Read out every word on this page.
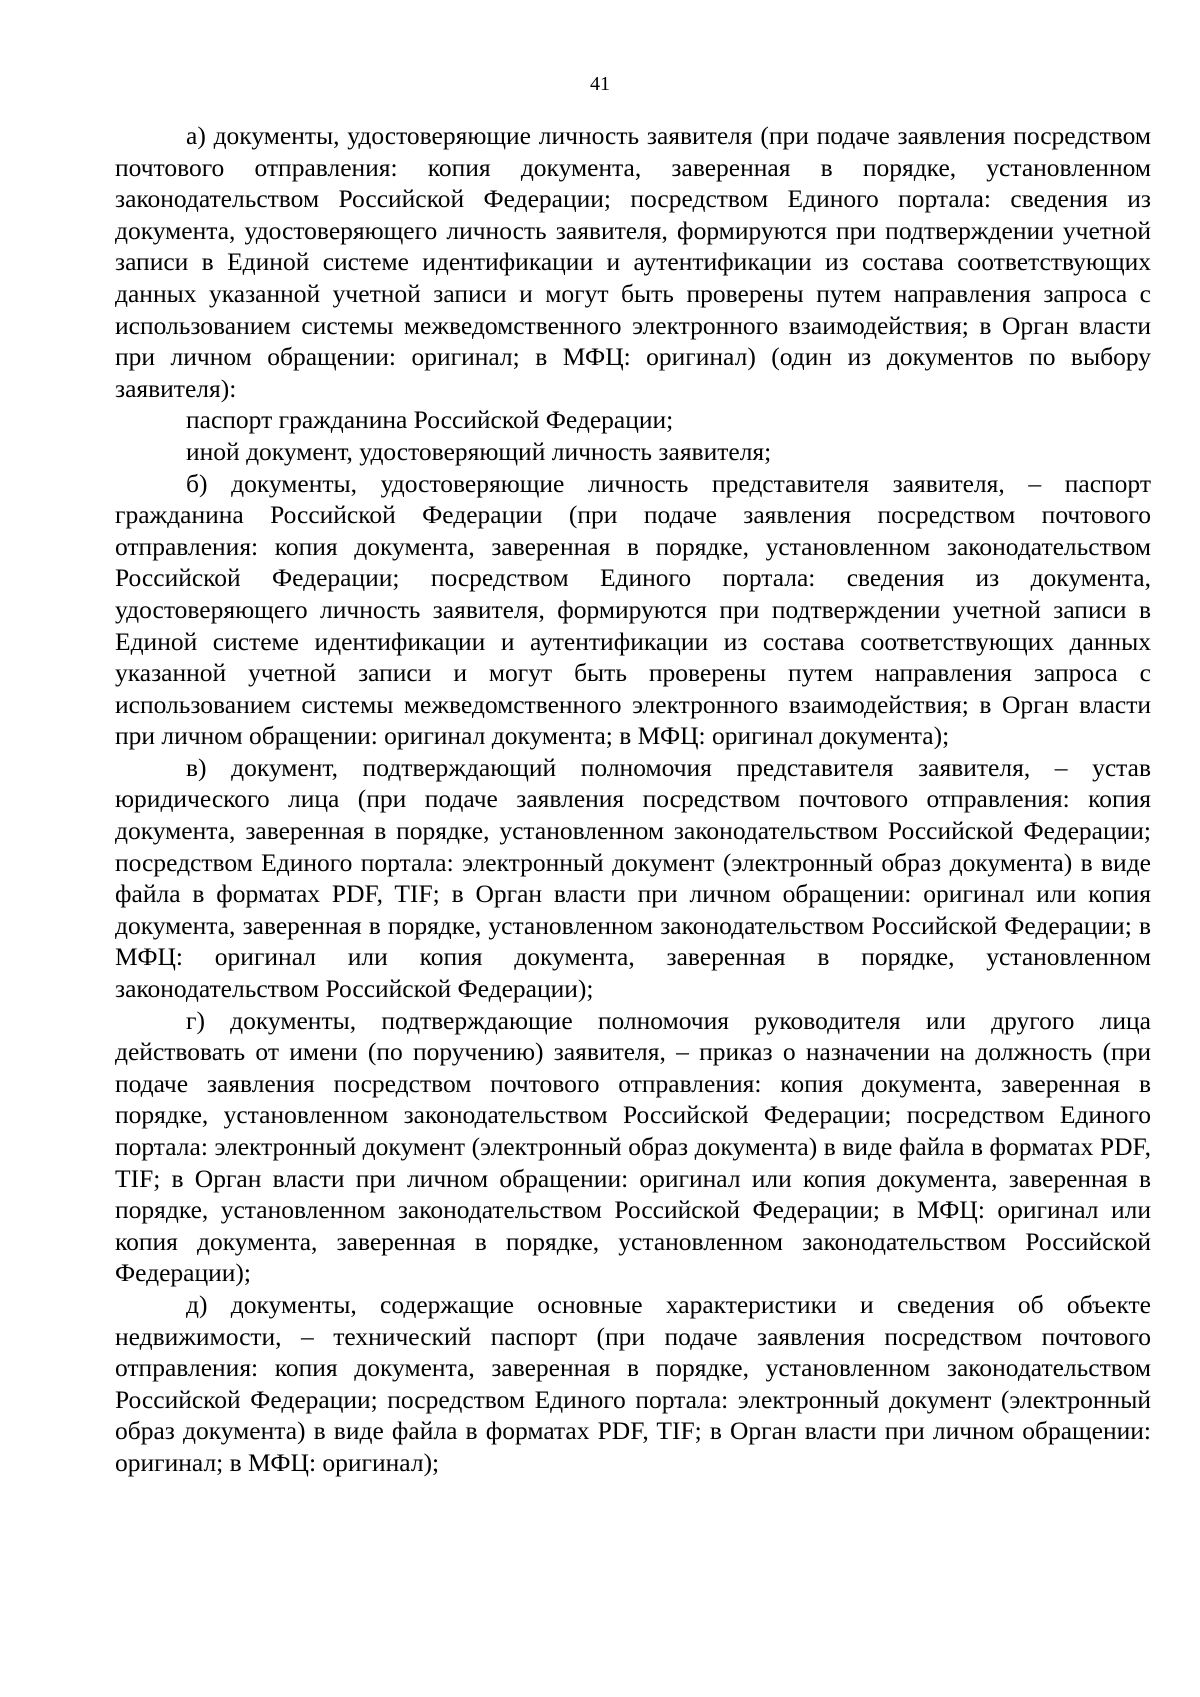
41

а) документы, удостоверяющие личность заявителя (при подаче заявления посредством почтового отправления: копия документа, заверенная в порядке, установленном законодательством Российской Федерации; посредством Единого портала: сведения из документа, удостоверяющего личность заявителя, формируются при подтверждении учетной записи в Единой системе идентификации и аутентификации из состава соответствующих данных указанной учетной записи и могут быть проверены путем направления запроса с использованием системы межведомственного электронного взаимодействия; в Орган власти при личном обращении: оригинал; в МФЦ: оригинал) (один из документов по выбору заявителя):

паспорт гражданина Российской Федерации;

иной документ, удостоверяющий личность заявителя;

б) документы, удостоверяющие личность представителя заявителя, – паспорт гражданина Российской Федерации (при подаче заявления посредством почтового отправления: копия документа, заверенная в порядке, установленном законодательством Российской Федерации; посредством Единого портала: сведения из документа, удостоверяющего личность заявителя, формируются при подтверждении учетной записи в Единой системе идентификации и аутентификации из состава соответствующих данных указанной учетной записи и могут быть проверены путем направления запроса с использованием системы межведомственного электронного взаимодействия; в Орган власти при личном обращении: оригинал документа; в МФЦ: оригинал документа);

в) документ, подтверждающий полномочия представителя заявителя, – устав юридического лица (при подаче заявления посредством почтового отправления: копия документа, заверенная в порядке, установленном законодательством Российской Федерации; посредством Единого портала: электронный документ (электронный образ документа) в виде файла в форматах PDF, TIF; в Орган власти при личном обращении: оригинал или копия документа, заверенная в порядке, установленном законодательством Российской Федерации; в МФЦ: оригинал или копия документа, заверенная в порядке, установленном законодательством Российской Федерации);

г) документы, подтверждающие полномочия руководителя или другого лица действовать от имени (по поручению) заявителя, – приказ о назначении на должность (при подаче заявления посредством почтового отправления: копия документа, заверенная в порядке, установленном законодательством Российской Федерации; посредством Единого портала: электронный документ (электронный образ документа) в виде файла в форматах PDF, TIF; в Орган власти при личном обращении: оригинал или копия документа, заверенная в порядке, установленном законодательством Российской Федерации; в МФЦ: оригинал или копия документа, заверенная в порядке, установленном законодательством Российской Федерации);

д) документы, содержащие основные характеристики и сведения об объекте недвижимости, – технический паспорт (при подаче заявления посредством почтового отправления: копия документа, заверенная в порядке, установленном законодательством Российской Федерации; посредством Единого портала: электронный документ (электронный образ документа) в виде файла в форматах PDF, TIF; в Орган власти при личном обращении: оригинал; в МФЦ: оригинал);
